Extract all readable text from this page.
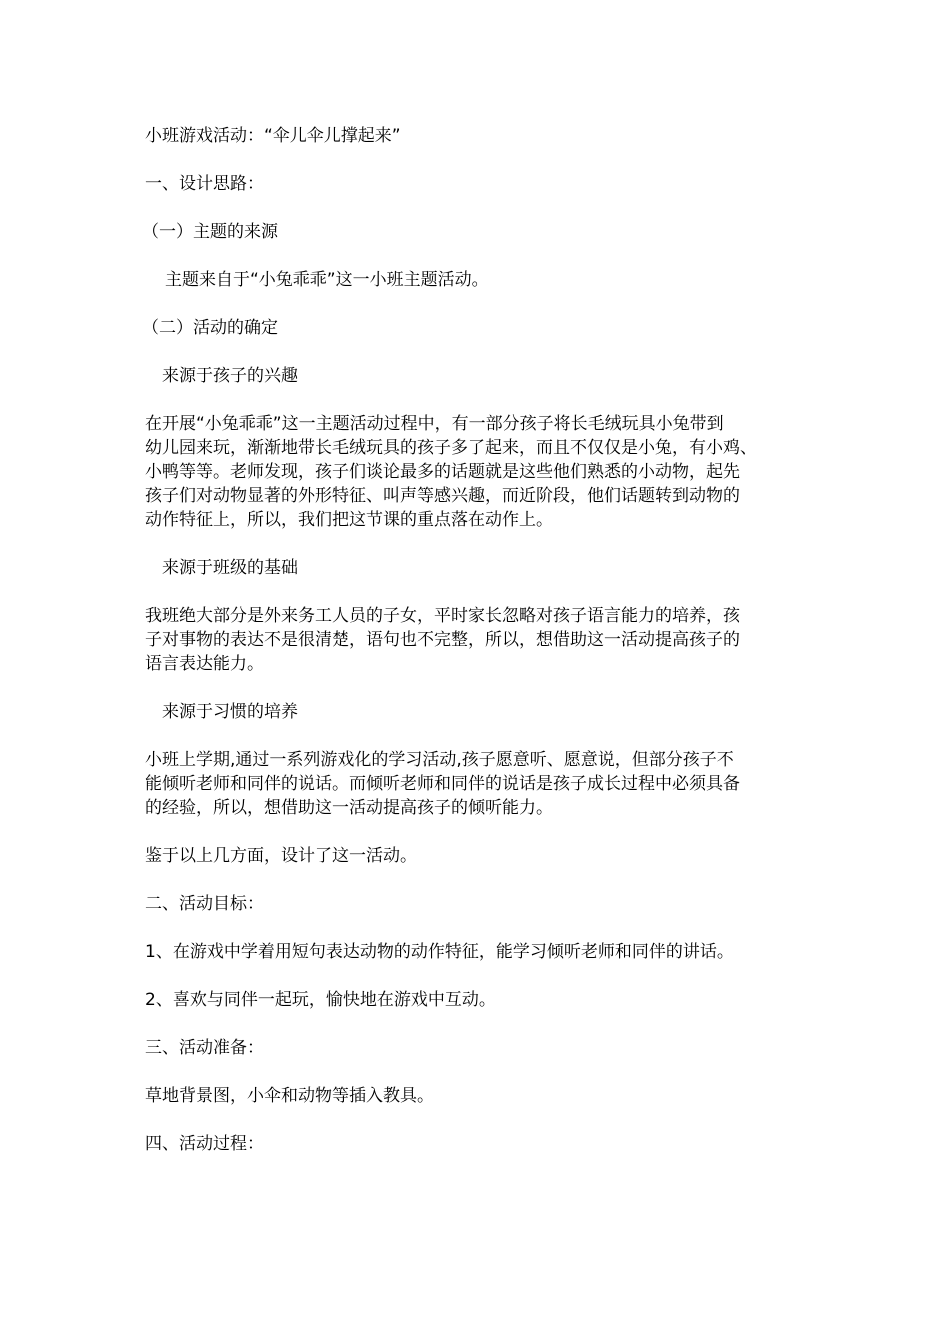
小班游戏活动：“伞儿伞儿撑起来”
一、设计思路：
（一）主题的来源
主题来自于“小兔乖乖”这一小班主题活动。
（二）活动的确定
来源于孩子的兴趣
在开展“小兔乖乖”这一主题活动过程中，有一部分孩子将长毛绒玩具小兔带到
幼儿园来玩，渐渐地带长毛绒玩具的孩子多了起来，而且不仅仅是小兔，有小鸡、
小鸭等等。老师发现，孩子们谈论最多的话题就是这些他们熟悉的小动物，起先
孩子们对动物显著的外形特征、叫声等感兴趣，而近阶段，他们话题转到动物的
动作特征上，所以，我们把这节课的重点落在动作上。
来源于班级的基础
我班绝大部分是外来务工人员的子女，平时家长忽略对孩子语言能力的培养，孩
子对事物的表达不是很清楚，语句也不完整，所以，想借助这一活动提高孩子的
语言表达能力。
来源于习惯的培养
小班上学期,通过一系列游戏化的学习活动,孩子愿意听、愿意说，但部分孩子不
能倾听老师和同伴的说话。而倾听老师和同伴的说话是孩子成长过程中必须具备
的经验，所以，想借助这一活动提高孩子的倾听能力。
鉴于以上几方面，设计了这一活动。
二、活动目标：
1、在游戏中学着用短句表达动物的动作特征，能学习倾听老师和同伴的讲话。
2、喜欢与同伴一起玩，愉快地在游戏中互动。
三、活动准备：
草地背景图，小伞和动物等插入教具。
四、活动过程：
